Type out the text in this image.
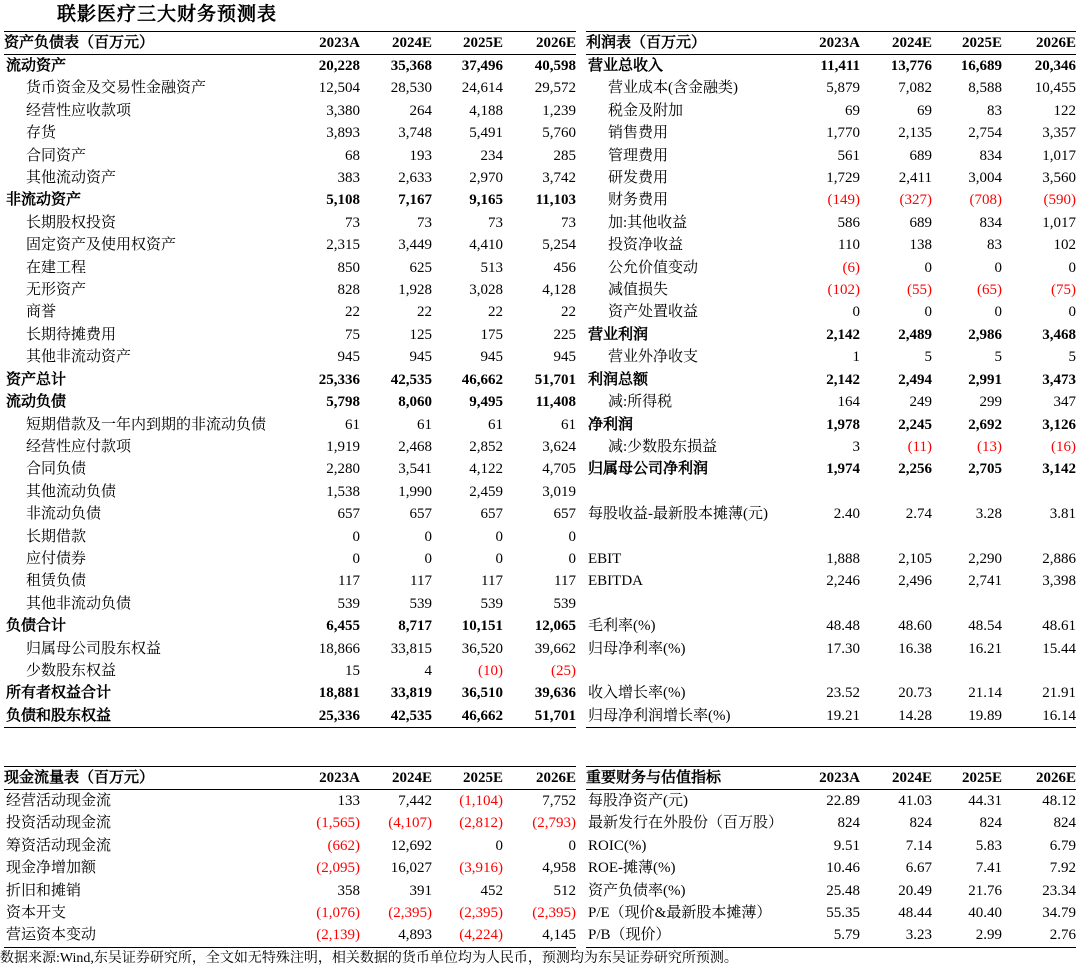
联影医疗三大财务预测表
资产负债表（百万元）	2023A	2024E	2025E	2026E
流动资产	20,228	35,368	37,496	40,598
货币资金及交易性金融资产	12,504	28,530	24,614	29,572
经营性应收款项	3,380	264	4,188	1,239
存货	3,893	3,748	5,491	5,760
合同资产	68	193	234	285
其他流动资产	383	2,633	2,970	3,742
非流动资产	5,108	7,167	9,165	11,103
长期股权投资	73	73	73	73
固定资产及使用权资产	2,315	3,449	4,410	5,254
在建工程	850	625	513	456
无形资产	828	1,928	3,028	4,128
商誉	22	22	22	22
长期待摊费用	75	125	175	225
其他非流动资产	945	945	945	945
资产总计	25,336	42,535	46,662	51,701
流动负债	5,798	8,060	9,495	11,408
短期借款及一年内到期的非流动负债	61	61	61	61
经营性应付款项	1,919	2,468	2,852	3,624
合同负债	2,280	3,541	4,122	4,705
其他流动负债	1,538	1,990	2,459	3,019
非流动负债	657	657	657	657
长期借款	0	0	0	0
应付债券	0	0	0	0
租赁负债	117	117	117	117
其他非流动负债	539	539	539	539
负债合计	6,455	8,717	10,151	12,065
归属母公司股东权益	18,866	33,815	36,520	39,662
少数股东权益	15	4	(10)	(25)
所有者权益合计	18,881	33,819	36,510	39,636
负债和股东权益	25,336	42,535	46,662	51,701
利润表（百万元）	2023A	2024E	2025E	2026E
营业总收入	11,411	13,776	16,689	20,346
营业成本(含金融类)	5,879	7,082	8,588	10,455
税金及附加	69	69	83	122
销售费用	1,770	2,135	2,754	3,357
管理费用	561	689	834	1,017
研发费用	1,729	2,411	3,004	3,560
财务费用	(149)	(327)	(708)	(590)
加:其他收益	586	689	834	1,017
投资净收益	110	138	83	102
公允价值变动	(6)	0	0	0
减值损失	(102)	(55)	(65)	(75)
资产处置收益	0	0	0	0
营业利润	2,142	2,489	2,986	3,468
营业外净收支	1	5	5	5
利润总额	2,142	2,494	2,991	3,473
减:所得税	164	249	299	347
净利润	1,978	2,245	2,692	3,126
减:少数股东损益	3	(11)	(13)	(16)
归属母公司净利润	1,974	2,256	2,705	3,142

每股收益-最新股本摊薄(元)	2.40	2.74	3.28	3.81

EBIT	1,888	2,105	2,290	2,886
EBITDA	2,246	2,496	2,741	3,398

毛利率(%)	48.48	48.60	48.54	48.61
归母净利率(%)	17.30	16.38	16.21	15.44

收入增长率(%)	23.52	20.73	21.14	21.91
归母净利润增长率(%)	19.21	14.28	19.89	16.14
现金流量表（百万元）	2023A	2024E	2025E	2026E
经营活动现金流	133	7,442	(1,104)	7,752
投资活动现金流	(1,565)	(4,107)	(2,812)	(2,793)
筹资活动现金流	(662)	12,692	0	0
现金净增加额	(2,095)	16,027	(3,916)	4,958
折旧和摊销	358	391	452	512
资本开支	(1,076)	(2,395)	(2,395)	(2,395)
营运资本变动	(2,139)	4,893	(4,224)	4,145
重要财务与估值指标	2023A	2024E	2025E	2026E
每股净资产(元)	22.89	41.03	44.31	48.12
最新发行在外股份（百万股）	824	824	824	824
ROIC(%)	9.51	7.14	5.83	6.79
ROE-摊薄(%)	10.46	6.67	7.41	7.92
资产负债率(%)	25.48	20.49	21.76	23.34
P/E（现价&最新股本摊薄）	55.35	48.44	40.40	34.79
P/B（现价）	5.79	3.23	2.99	2.76
数据来源:Wind,东吴证券研究所，全文如无特殊注明，相关数据的货币单位均为人民币，预测均为东吴证券研究所预测。
